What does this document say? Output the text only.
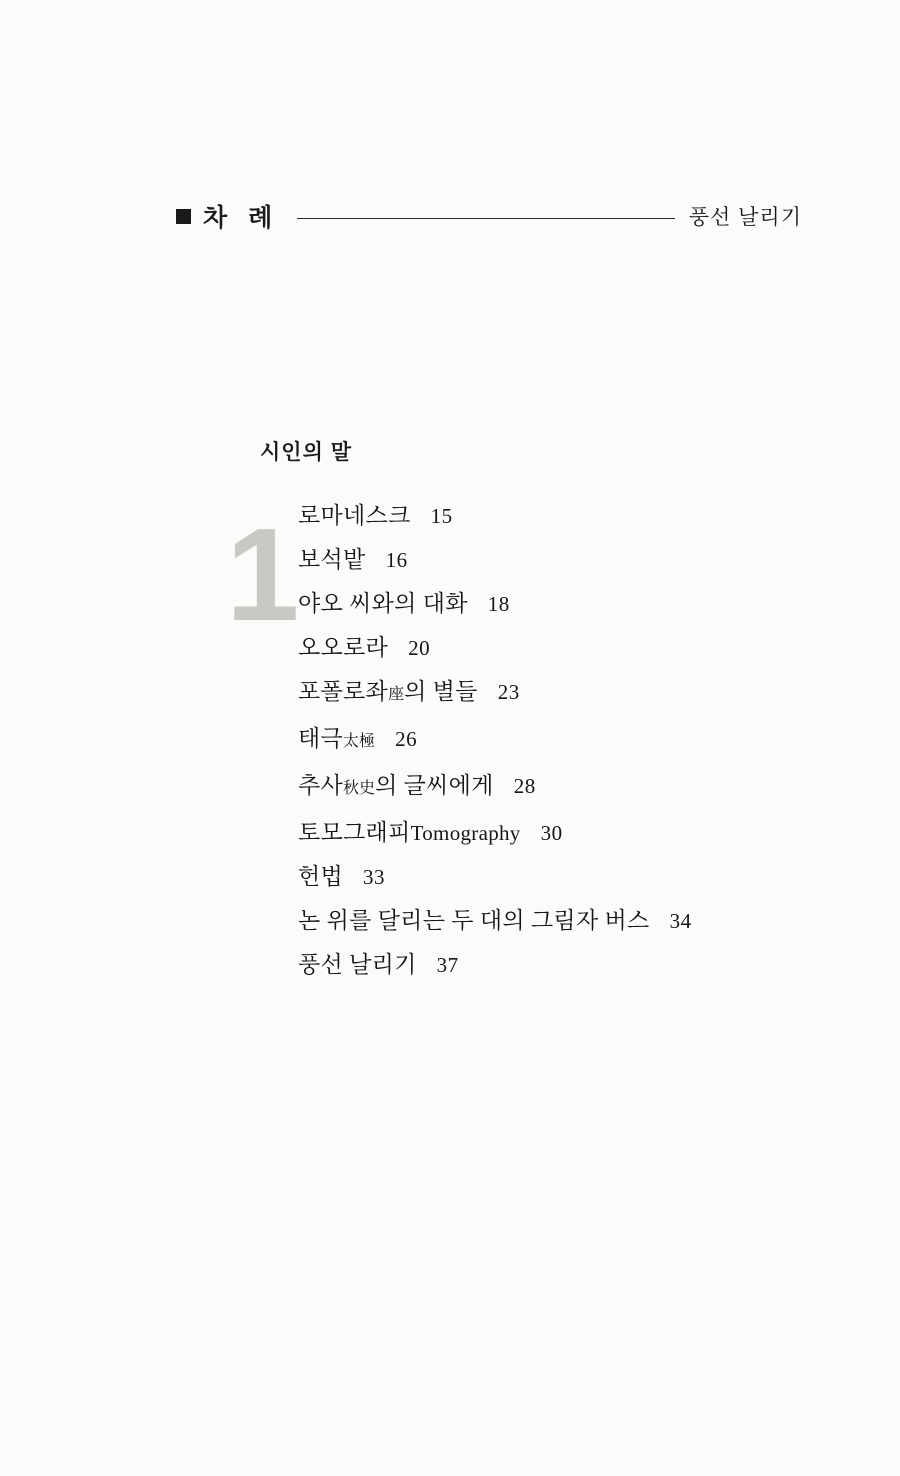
차 례	풍선 날리기
시인의 말
1
로마네스크 15
보석밭 16
야오 씨와의 대화 18
오오로라 20
포폴로좌座의 별들 23
태극太極 26
추사秋史의 글씨에게 28
토모그래피Tomography 30
헌법 33
논 위를 달리는 두 대의 그림자 버스 34
풍선 날리기 37
